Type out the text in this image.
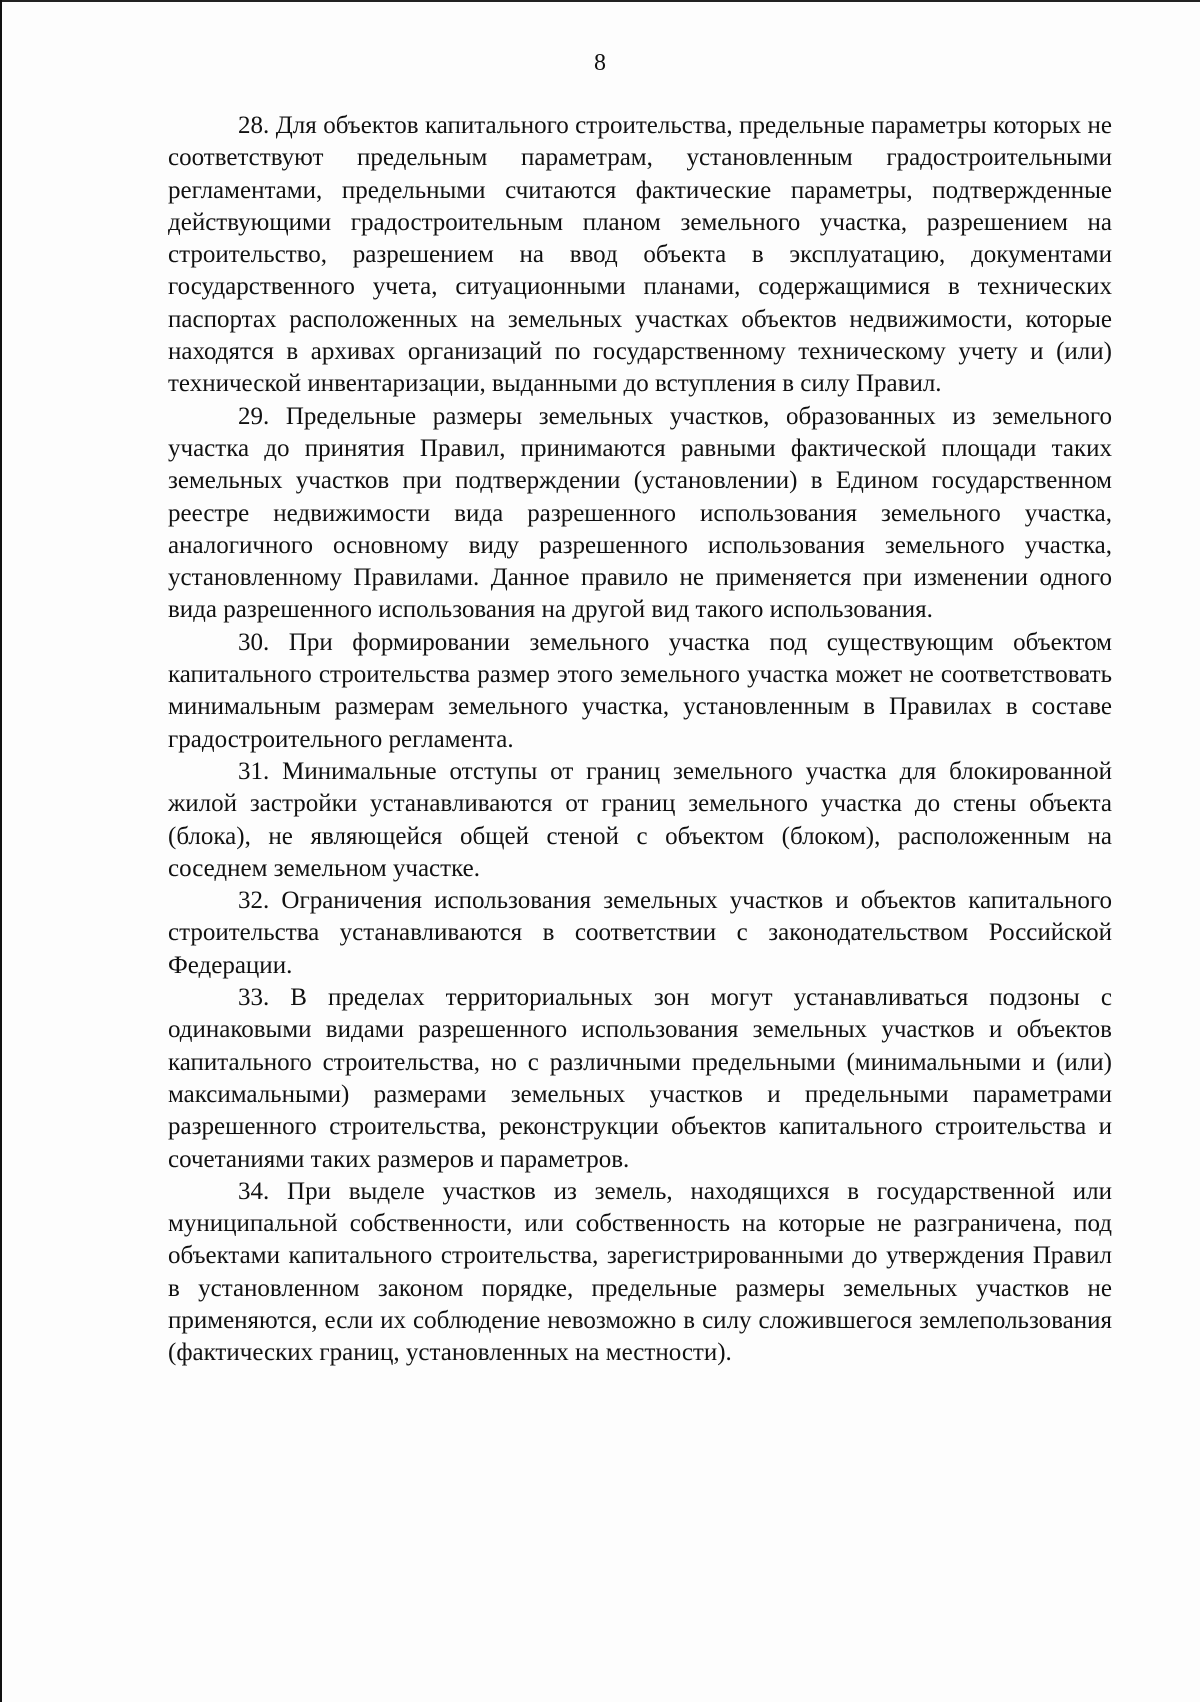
8

28. Для объектов капитального строительства, предельные параметры которых не соответствуют предельным параметрам, установленным градостроительными регламентами, предельными считаются фактические параметры, подтвержденные действующими градостроительным планом земельного участка, разрешением на строительство, разрешением на ввод объекта в эксплуатацию, документами государственного учета, ситуационными планами, содержащимися в технических паспортах расположенных на земельных участках объектов недвижимости, которые находятся в архивах организаций по государственному техническому учету и (или) технической инвентаризации, выданными до вступления в силу Правил.

29. Предельные размеры земельных участков, образованных из земельного участка до принятия Правил, принимаются равными фактической площади таких земельных участков при подтверждении (установлении) в Едином государственном реестре недвижимости вида разрешенного использования земельного участка, аналогичного основному виду разрешенного использования земельного участка, установленному Правилами. Данное правило не применяется при изменении одного вида разрешенного использования на другой вид такого использования.

30. При формировании земельного участка под существующим объектом капитального строительства размер этого земельного участка может не соответствовать минимальным размерам земельного участка, установленным в Правилах в составе градостроительного регламента.

31. Минимальные отступы от границ земельного участка для блокированной жилой застройки устанавливаются от границ земельного участка до стены объекта (блока), не являющейся общей стеной с объектом (блоком), расположенным на соседнем земельном участке.

32. Ограничения использования земельных участков и объектов капитального строительства устанавливаются в соответствии с законодательством Российской Федерации.

33. В пределах территориальных зон могут устанавливаться подзоны с одинаковыми видами разрешенного использования земельных участков и объектов капитального строительства, но с различными предельными (минимальными и (или) максимальными) размерами земельных участков и предельными параметрами разрешенного строительства, реконструкции объектов капитального строительства и сочетаниями таких размеров и параметров.

34. При выделе участков из земель, находящихся в государственной или муниципальной собственности, или собственность на которые не разграничена, под объектами капитального строительства, зарегистрированными до утверждения Правил в установленном законом порядке, предельные размеры земельных участков не применяются, если их соблюдение невозможно в силу сложившегося землепользования (фактических границ, установленных на местности).
